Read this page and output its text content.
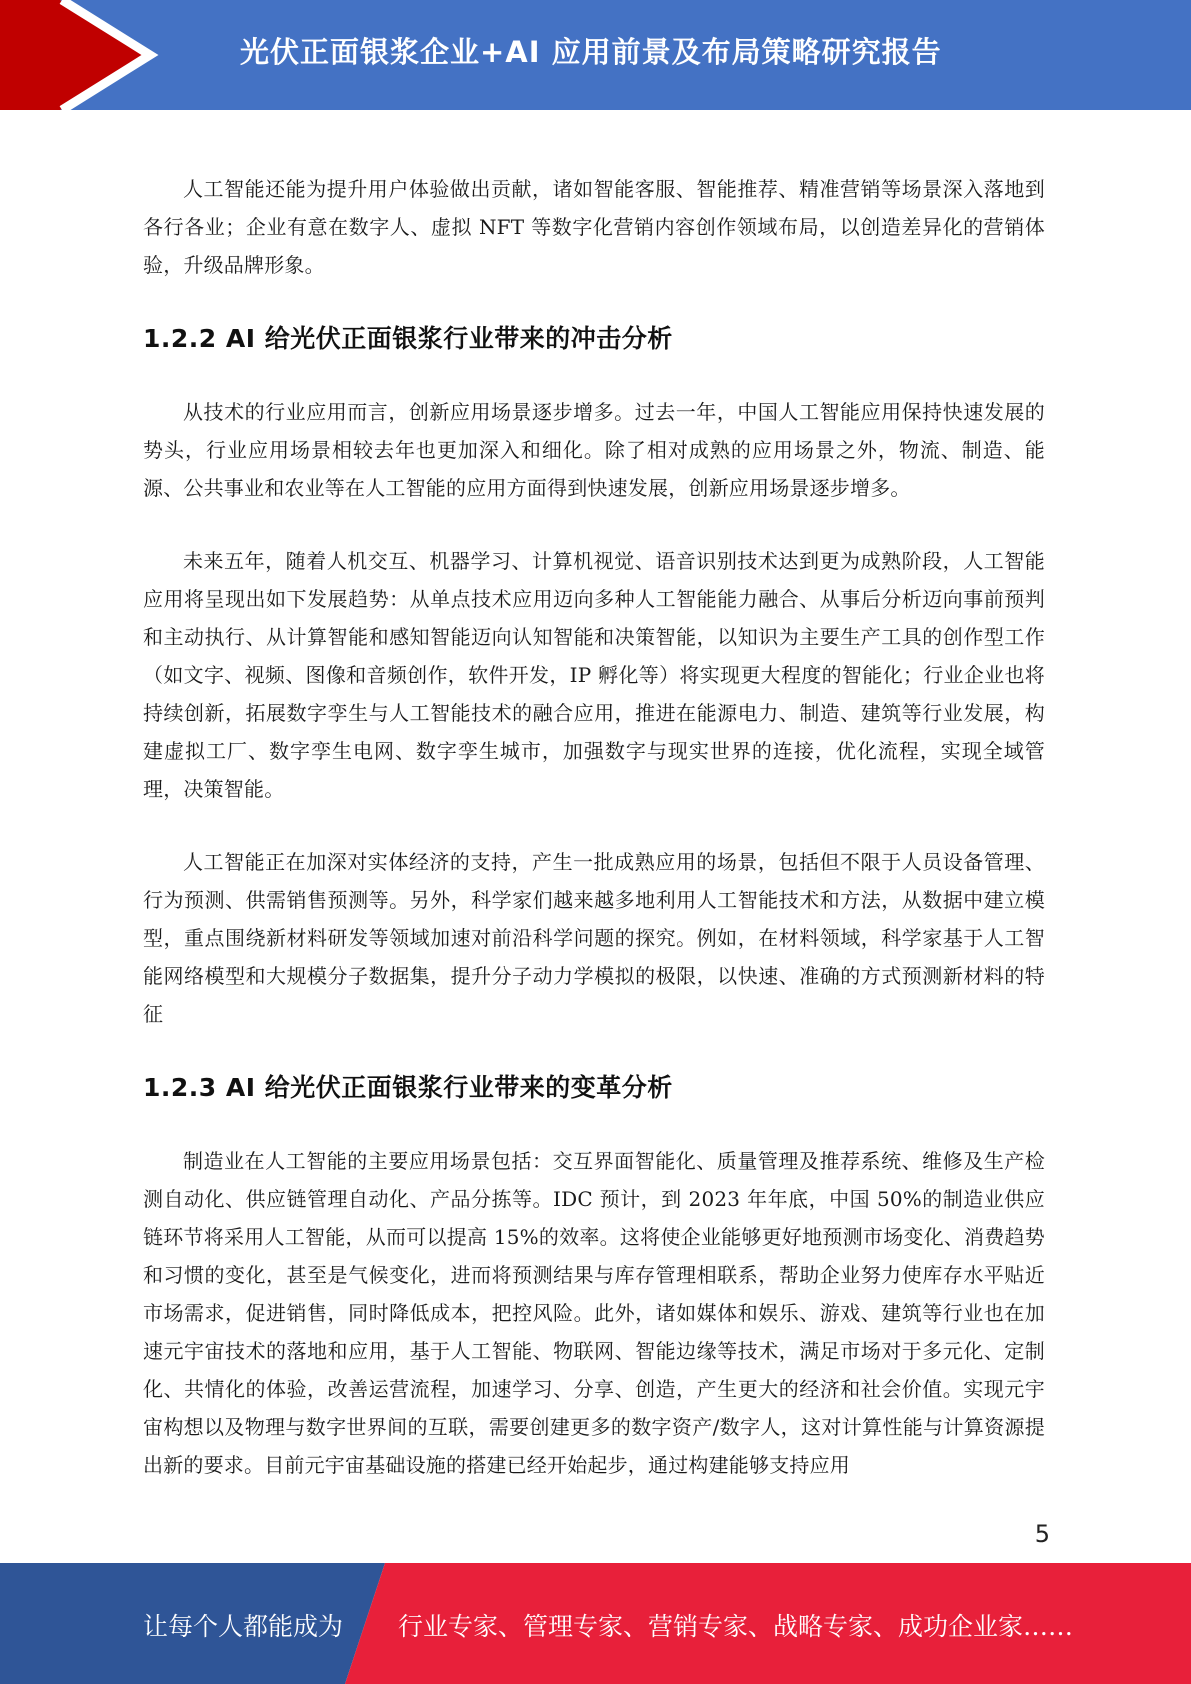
光伏正面银浆企业+AI 应用前景及布局策略研究报告

人工智能还能为提升用户体验做出贡献，诸如智能客服、智能推荐、精准营销等场景深入落地到各行各业；企业有意在数字人、虚拟 NFT 等数字化营销内容创作领域布局，以创造差异化的营销体验，升级品牌形象。

1.2.2 AI 给光伏正面银浆行业带来的冲击分析

从技术的行业应用而言，创新应用场景逐步增多。过去一年，中国人工智能应用保持快速发展的势头，行业应用场景相较去年也更加深入和细化。除了相对成熟的应用场景之外，物流、制造、能源、公共事业和农业等在人工智能的应用方面得到快速发展，创新应用场景逐步增多。

未来五年，随着人机交互、机器学习、计算机视觉、语音识别技术达到更为成熟阶段，人工智能应用将呈现出如下发展趋势：从单点技术应用迈向多种人工智能能力融合、从事后分析迈向事前预判和主动执行、从计算智能和感知智能迈向认知智能和决策智能，以知识为主要生产工具的创作型工作（如文字、视频、图像和音频创作，软件开发，IP 孵化等）将实现更大程度的智能化；行业企业也将持续创新，拓展数字孪生与人工智能技术的融合应用，推进在能源电力、制造、建筑等行业发展，构建虚拟工厂、数字孪生电网、数字孪生城市，加强数字与现实世界的连接，优化流程，实现全域管理，决策智能。

人工智能正在加深对实体经济的支持，产生一批成熟应用的场景，包括但不限于人员设备管理、行为预测、供需销售预测等。另外，科学家们越来越多地利用人工智能技术和方法，从数据中建立模型，重点围绕新材料研发等领域加速对前沿科学问题的探究。例如，在材料领域，科学家基于人工智能网络模型和大规模分子数据集，提升分子动力学模拟的极限，以快速、准确的方式预测新材料的特征

1.2.3 AI 给光伏正面银浆行业带来的变革分析

制造业在人工智能的主要应用场景包括：交互界面智能化、质量管理及推荐系统、维修及生产检测自动化、供应链管理自动化、产品分拣等。IDC 预计，到 2023 年年底，中国 50%的制造业供应链环节将采用人工智能，从而可以提高 15%的效率。这将使企业能够更好地预测市场变化、消费趋势和习惯的变化，甚至是气候变化，进而将预测结果与库存管理相联系，帮助企业努力使库存水平贴近市场需求，促进销售，同时降低成本，把控风险。此外，诸如媒体和娱乐、游戏、建筑等行业也在加速元宇宙技术的落地和应用，基于人工智能、物联网、智能边缘等技术，满足市场对于多元化、定制化、共情化的体验，改善运营流程，加速学习、分享、创造，产生更大的经济和社会价值。实现元宇宙构想以及物理与数字世界间的互联，需要创建更多的数字资产/数字人，这对计算性能与计算资源提出新的要求。目前元宇宙基础设施的搭建已经开始起步，通过构建能够支持应用

5
让每个人都能成为 行业专家、管理专家、营销专家、战略专家、成功企业家……
